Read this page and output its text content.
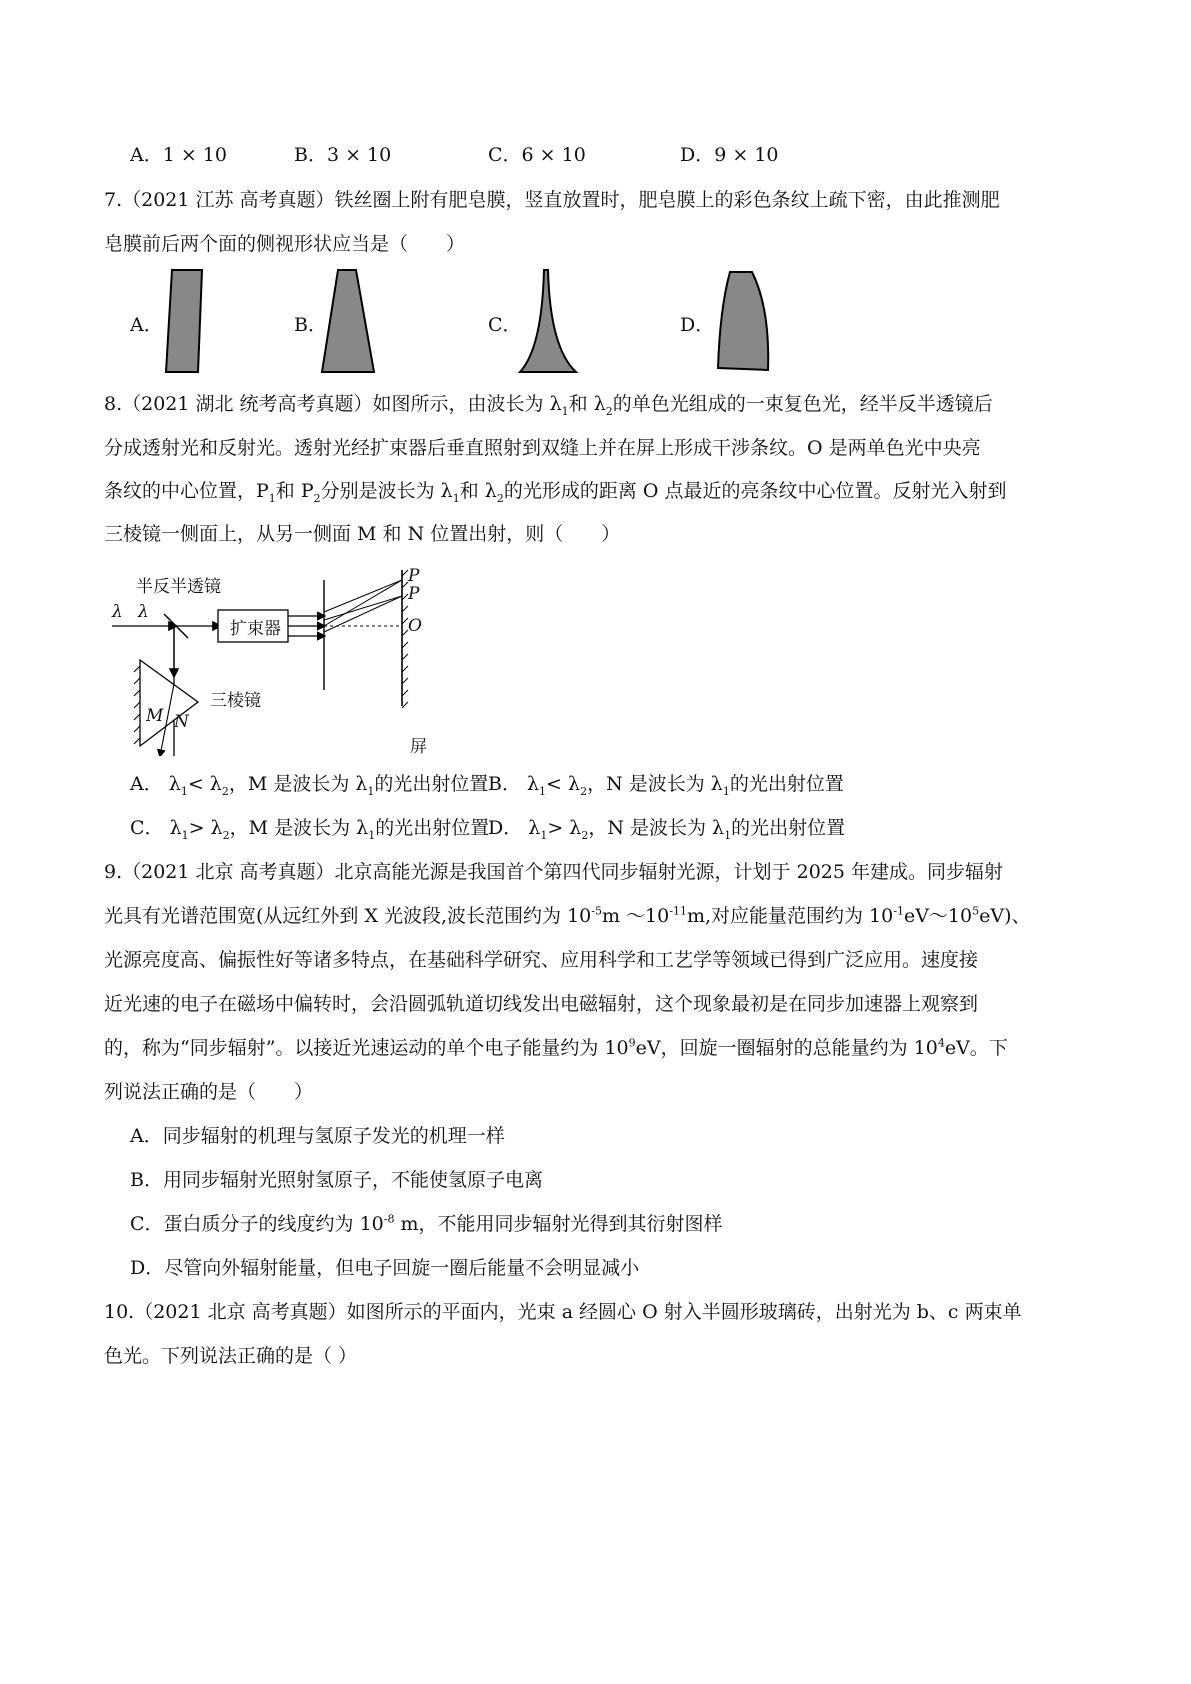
A．1 × 10	B．3 × 10	C．6 × 10	D．9 × 10
7.（2021 江苏 高考真题）铁丝圈上附有肥皂膜，竖直放置时，肥皂膜上的彩色条纹上疏下密，由此推测肥
皂膜前后两个面的侧视形状应当是（　　）
A．	B．	C．	D．
8.（2021 湖北 统考高考真题）如图所示，由波长为 $\lambda_1$和 $\lambda_2$的单色光组成的一束复色光，经半反半透镜后
分成透射光和反射光。透射光经扩束器后垂直照射到双缝上并在屏上形成干涉条纹。O 是两单色光中央亮
条纹的中心位置，$P_1$和 $P_2$分别是波长为 $\lambda_1$和 $\lambda_2$的光形成的距离 O 点最近的亮条纹中心位置。反射光入射到
三棱镜一侧面上，从另一侧面 M 和 N 位置出射，则（　　）
半反半透镜
λ λ
扩束器
三棱镜
屏
O
P
P
M N
A． $\lambda_1< \lambda_2$，M 是波长为 $\lambda_1$的光出射位置 B． $\lambda_1< \lambda_2$，N 是波长为 $\lambda_1$的光出射位置
C． $\lambda_1> \lambda_2$，M 是波长为 $\lambda_1$的光出射位置
D． $\lambda_1> \lambda_2$，N 是波长为 $\lambda_1$的光出射位置
9.（2021 北京 高考真题）北京高能光源是我国首个第四代同步辐射光源，计划于 2025 年建成。同步辐射
光具有光谱范围宽(从远红外到 X 光波段,波长范围约为 $10^{-5}m$ $\sim 10^{-11}m$,对应能量范围约为 $10^{-1}eV\sim 10^5eV$)、
光源亮度高、偏振性好等诸多特点，在基础科学研究、应用科学和工艺学等领域已得到广泛应用。速度接
近光速的电子在磁场中偏转时，会沿圆弧轨道切线发出电磁辐射，这个现象最初是在同步加速器上观察到
的，称为“同步辐射”。以接近光速运动的单个电子能量约为 $10^9eV$，回旋一圈辐射的总能量约为 $10^4eV$。下
列说法正确的是（　　）
A．同步辐射的机理与氢原子发光的机理一样
B．用同步辐射光照射氢原子，不能使氢原子电离
C．蛋白质分子的线度约为 $10^{-8}$ m，不能用同步辐射光得到其衍射图样
D．尽管向外辐射能量，但电子回旋一圈后能量不会明显减小
10.（2021 北京 高考真题）如图所示的平面内，光束 a 经圆心 O 射入半圆形玻璃砖，出射光为 b、c 两束单
色光。下列说法正确的是（ ）
